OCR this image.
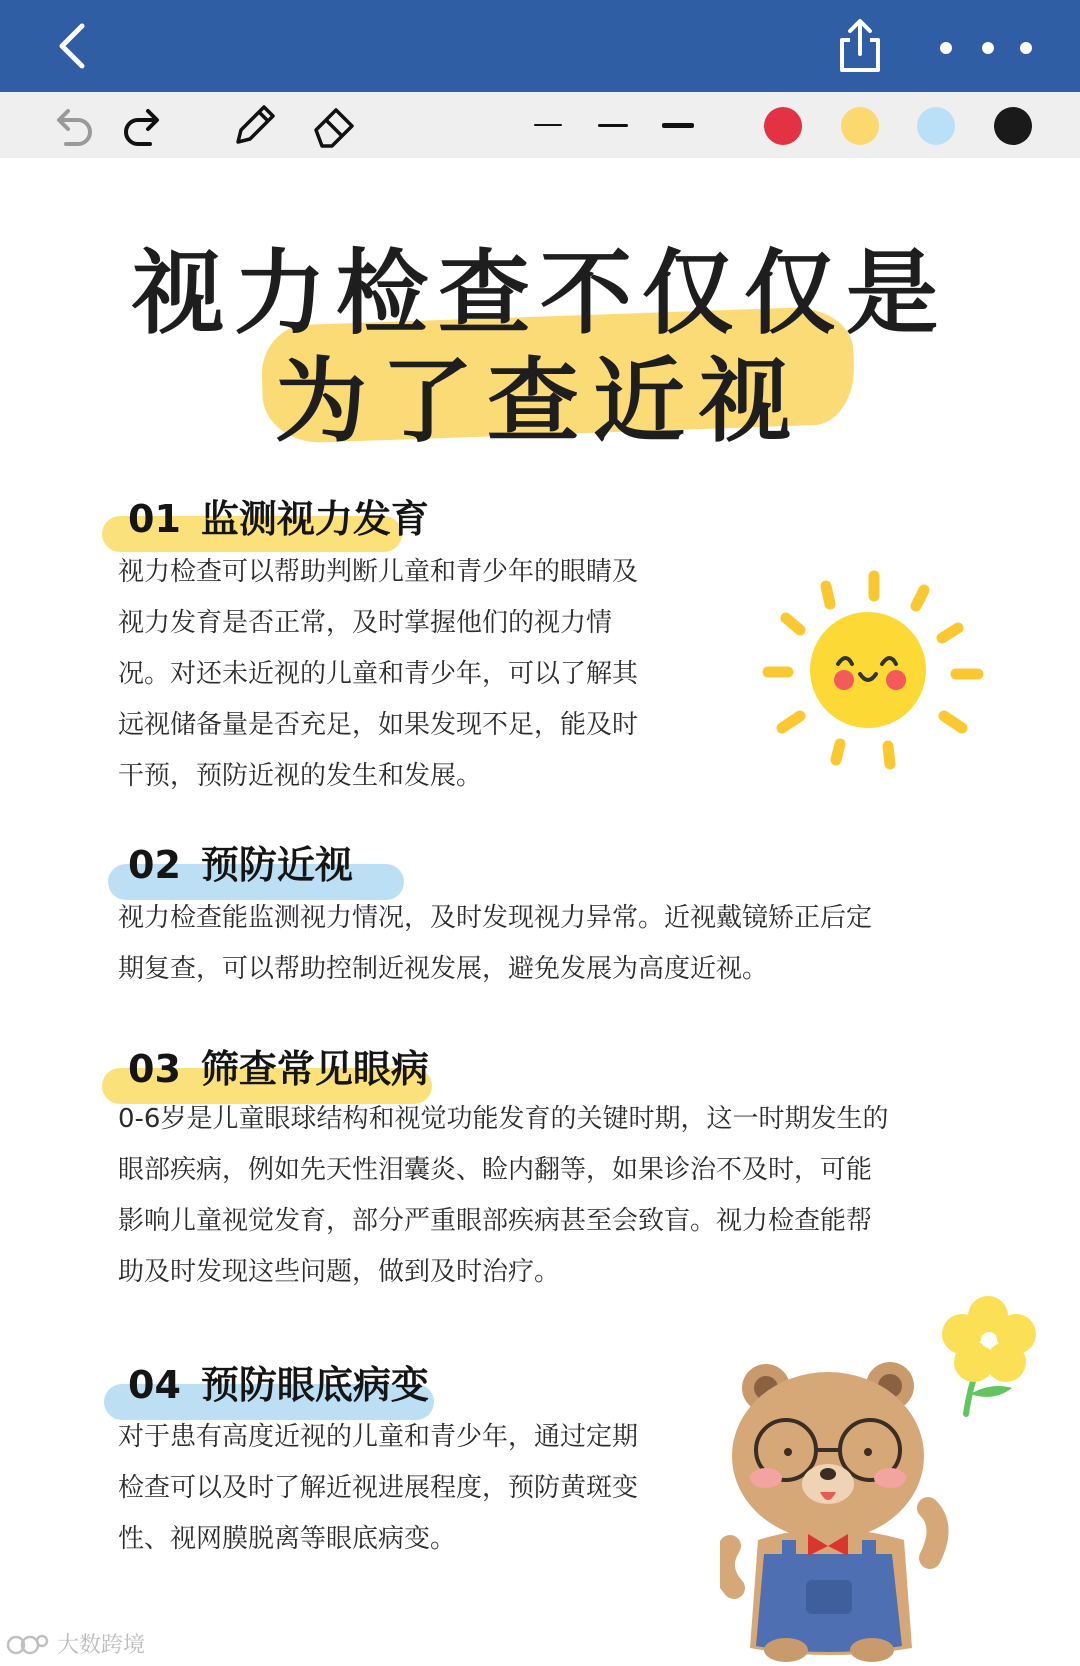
视力检查不仅仅是
为了查近视
01 监测视力发育
视力检查可以帮助判断儿童和青少年的眼睛及
视力发育是否正常，及时掌握他们的视力情
况。对还未近视的儿童和青少年，可以了解其
远视储备量是否充足，如果发现不足，能及时
干预，预防近视的发生和发展。
02 预防近视
视力检查能监测视力情况，及时发现视力异常。近视戴镜矫正后定
期复查，可以帮助控制近视发展，避免发展为高度近视。
03 筛查常见眼病
0-6岁是儿童眼球结构和视觉功能发育的关键时期，这一时期发生的
眼部疾病，例如先天性泪囊炎、睑内翻等，如果诊治不及时，可能
影响儿童视觉发育，部分严重眼部疾病甚至会致盲。视力检查能帮
助及时发现这些问题，做到及时治疗。
04 预防眼底病变
对于患有高度近视的儿童和青少年，通过定期
检查可以及时了解近视进展程度，预防黄斑变
性、视网膜脱离等眼底病变。
大数跨境
